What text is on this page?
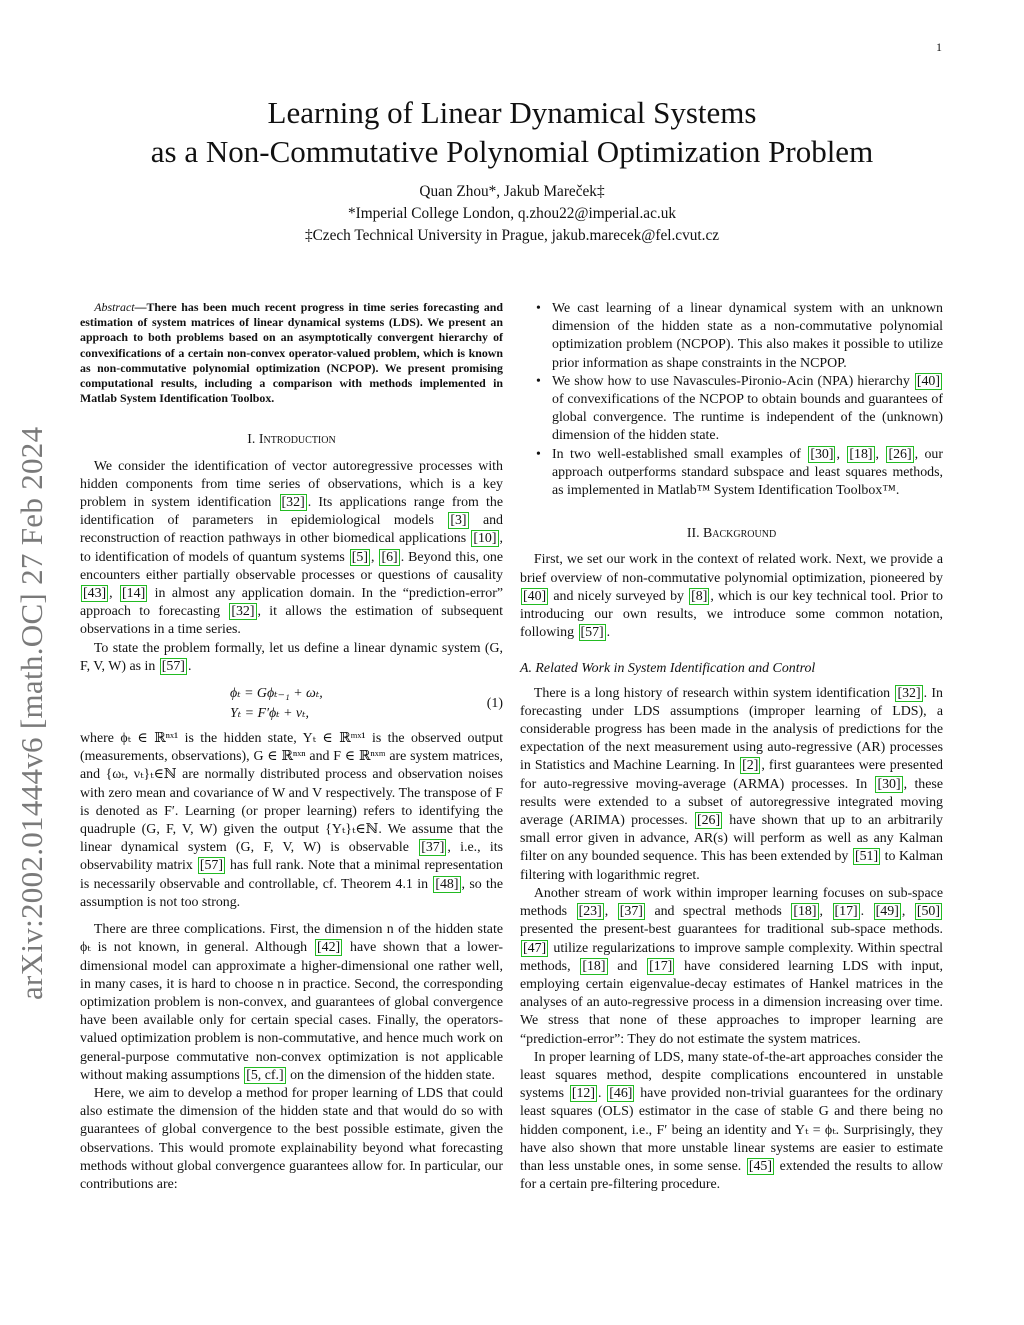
1
arXiv:2002.01444v6 [math.OC] 27 Feb 2024
Learning of Linear Dynamical Systems
as a Non-Commutative Polynomial Optimization Problem
Quan Zhou*, Jakub Mareček‡
*Imperial College London, q.zhou22@imperial.ac.uk
‡Czech Technical University in Prague, jakub.marecek@fel.cvut.cz

Abstract—There has been much recent progress in time series forecasting and estimation of system matrices of linear dynamical systems (LDS). We present an approach to both problems based on an asymptotically convergent hierarchy of convexifications of a certain non-convex operator-valued problem, which is known as non-commutative polynomial optimization (NCPOP). We present promising computational results, including a comparison with methods implemented in Matlab System Identification Toolbox.

I. Introduction

We consider the identification of vector autoregressive processes with hidden components from time series of observations, which is a key problem in system identification [32] . Its applications range from the identification of parameters in epidemiological models [3] and reconstruction of reaction pathways in other biomedical applications [10] , to identification of models of quantum systems [5] , [6] . Beyond this, one encounters either partially observable processes or questions of causality [43] , [14] in almost any application domain. In the “prediction-error” approach to forecasting [32] , it allows the estimation of subsequent observations in a time series.

To state the problem formally, let us define a linear dynamic system (G, F, V, W) as in [57] .

ϕₜ = Gϕₜ₋₁ + ωₜ,
Yₜ = F′ϕₜ + νₜ,
(1)

where ϕₜ ∈ ℝⁿˣ¹ is the hidden state, Yₜ ∈ ℝᵐˣ¹ is the observed output (measurements, observations), G ∈ ℝⁿˣⁿ and F ∈ ℝⁿˣᵐ are system matrices, and {ωₜ, νₜ}ₜ∈ℕ are normally distributed process and observation noises with zero mean and covariance of W and V respectively. The transpose of F is denoted as F′. Learning (or proper learning) refers to identifying the quadruple (G, F, V, W) given the output {Yₜ}ₜ∈ℕ. We assume that the linear dynamical system (G, F, V, W) is observable [37] , i.e., its observability matrix [57] has full rank. Note that a minimal representation is necessarily observable and controllable, cf. Theorem 4.1 in [48] , so the assumption is not too strong.

There are three complications. First, the dimension n of the hidden state ϕₜ is not known, in general. Although [42] have shown that a lower-dimensional model can approximate a higher-dimensional one rather well, in many cases, it is hard to choose n in practice. Second, the corresponding optimization problem is non-convex, and guarantees of global convergence have been available only for certain special cases. Finally, the operators-valued optimization problem is non-commutative, and hence much work on general-purpose commutative non-convex optimization is not applicable without making assumptions [5, cf.] on the dimension of the hidden state.

Here, we aim to develop a method for proper learning of LDS that could also estimate the dimension of the hidden state and that would do so with guarantees of global convergence to the best possible estimate, given the observations. This would promote explainability beyond what forecasting methods without global convergence guarantees allow for. In particular, our contributions are:

• We cast learning of a linear dynamical system with an unknown dimension of the hidden state as a non-commutative polynomial optimization problem (NCPOP). This also makes it possible to utilize prior information as shape constraints in the NCPOP.
• We show how to use Navascules-Pironio-Acin (NPA) hierarchy [40] of convexifications of the NCPOP to obtain bounds and guarantees of global convergence. The runtime is independent of the (unknown) dimension of the hidden state.
• In two well-established small examples of [30] , [18] , [26] , our approach outperforms standard subspace and least squares methods, as implemented in Matlab™ System Identification Toolbox™.
II. Background

First, we set our work in the context of related work. Next, we provide a brief overview of non-commutative polynomial optimization, pioneered by [40] and nicely surveyed by [8] , which is our key technical tool. Prior to introducing our own results, we introduce some common notation, following [57] .

A. Related Work in System Identification and Control

There is a long history of research within system identification [32] . In forecasting under LDS assumptions (improper learning of LDS), a considerable progress has been made in the analysis of predictions for the expectation of the next measurement using auto-regressive (AR) processes in Statistics and Machine Learning. In [2] , first guarantees were presented for auto-regressive moving-average (ARMA) processes. In [30] , these results were extended to a subset of autoregressive integrated moving average (ARIMA) processes. [26] have shown that up to an arbitrarily small error given in advance, AR(s) will perform as well as any Kalman filter on any bounded sequence. This has been extended by [51] to Kalman filtering with logarithmic regret.

Another stream of work within improper learning focuses on sub-space methods [23] , [37] and spectral methods [18] , [17] . [49] , [50] presented the present-best guarantees for traditional sub-space methods. [47] utilize regularizations to improve sample complexity. Within spectral methods, [18] and [17] have considered learning LDS with input, employing certain eigenvalue-decay estimates of Hankel matrices in the analyses of an auto-regressive process in a dimension increasing over time. We stress that none of these approaches to improper learning are “prediction-error”: They do not estimate the system matrices.

In proper learning of LDS, many state-of-the-art approaches consider the least squares method, despite complications encountered in unstable systems [12] . [46] have provided non-trivial guarantees for the ordinary least squares (OLS) estimator in the case of stable G and there being no hidden component, i.e., F′ being an identity and Yₜ = ϕₜ. Surprisingly, they have also shown that more unstable linear systems are easier to estimate than less unstable ones, in some sense. [45] extended the results to allow for a certain pre-filtering procedure.
